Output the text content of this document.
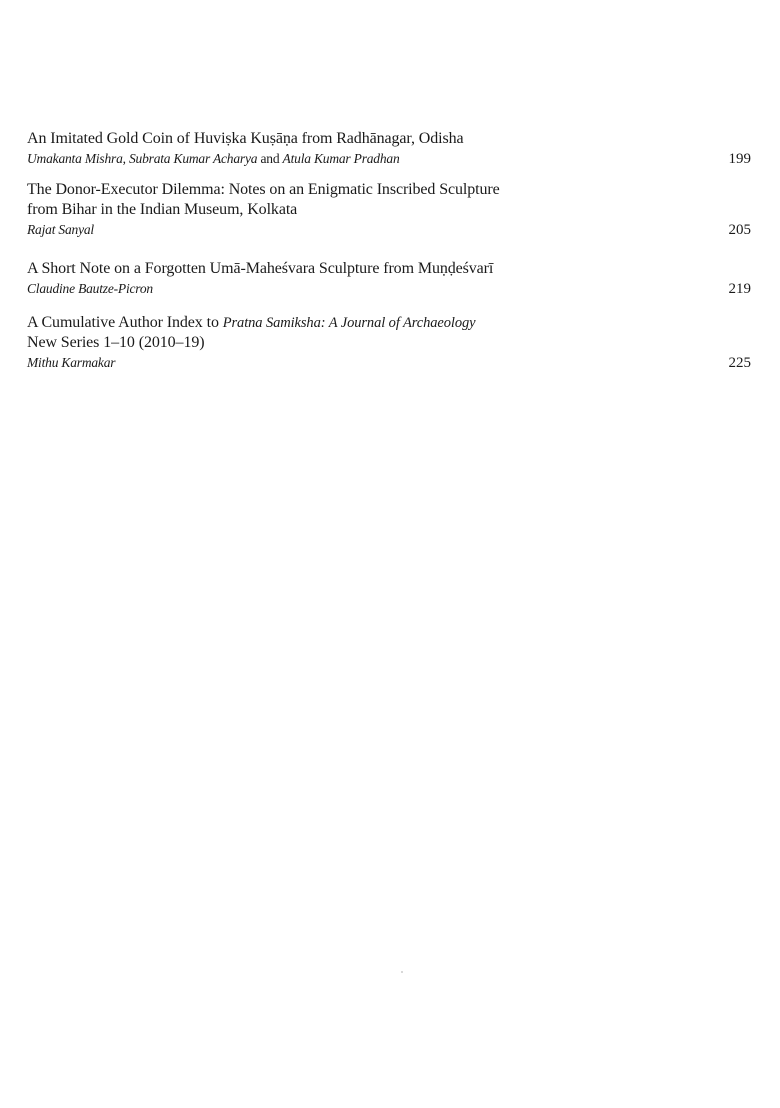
An Imitated Gold Coin of Huviṣka Kuṣāṇa from Radhānagar, Odisha
Umakanta Mishra, Subrata Kumar Acharya and Atula Kumar Pradhan	199
The Donor-Executor Dilemma: Notes on an Enigmatic Inscribed Sculpture
from Bihar in the Indian Museum, Kolkata
Rajat Sanyal	205
A Short Note on a Forgotten Umā-Maheśvara Sculpture from Muṇḍeśvarī
Claudine Bautze-Picron	219
A Cumulative Author Index to Pratna Samiksha: A Journal of Archaeology
New Series 1–10 (2010–19)
Mithu Karmakar	225
